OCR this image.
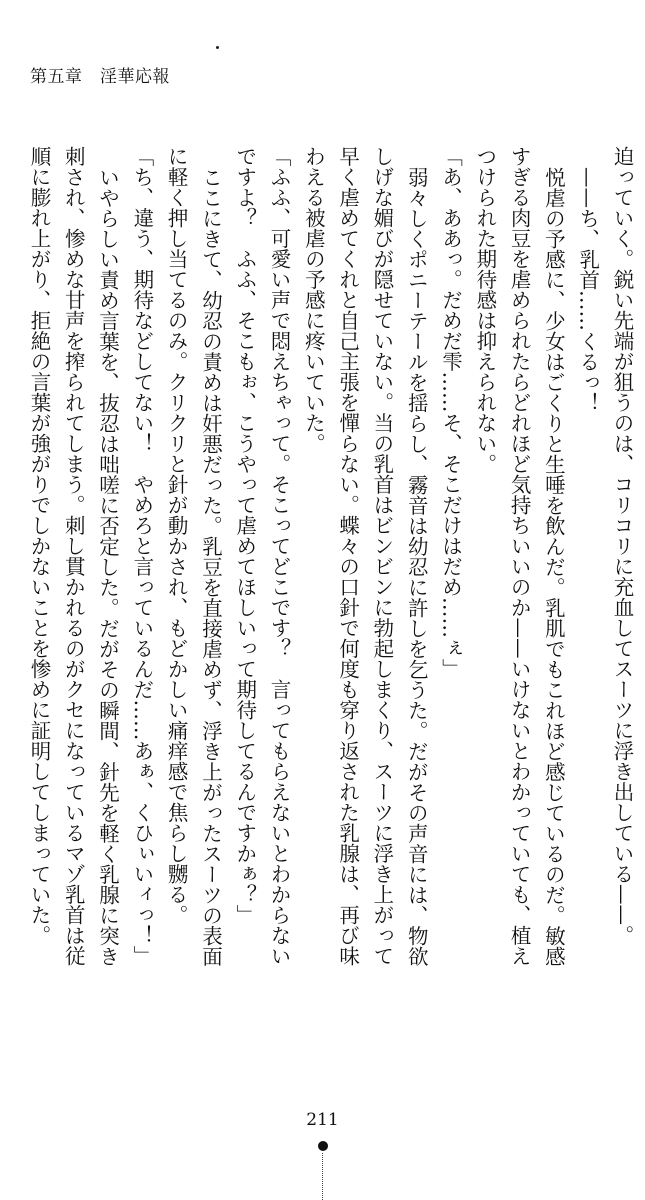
第五章　淫華応報
迫っていく。鋭い先端が狙うのは、コリコリに充血してスーツに浮き出している——。
——ち、乳首……くるっ！
悦虐の予感に、少女はごくりと生唾を飲んだ。乳肌でもこれほど感じているのだ。敏感
すぎる肉豆を虐められたらどれほど気持ちいいのか——いけないとわかっていても、植え
つけられた期待感は抑えられない。
「あ、ああっ。だめだ雫……そ、そこだけはだめ……ぇ」
弱々しくポニーテールを揺らし、霧音は幼忍に許しを乞うた。だがその声音には、物欲
しげな媚びが隠せていない。当の乳首はビンビンに勃起しまくり、スーツに浮き上がって
早く虐めてくれと自己主張を憚らない。蝶々の口針で何度も穿り返された乳腺は、再び味
わえる被虐の予感に疼いていた。
「ふふ、可愛い声で悶えちゃって。そこってどこです？　言ってもらえないとわからない
ですよ？　ふふ、そこもぉ、こうやって虐めてほしいって期待してるんですかぁ？」
ここにきて、幼忍の責めは奸悪だった。乳豆を直接虐めず、浮き上がったスーツの表面
に軽く押し当てるのみ。クリクリと針が動かされ、もどかしい痛痒感で焦らし嬲る。
「ち、違う、期待などしてない！　やめろと言っているんだ……あぁ、くひぃいィっ！」
いやらしい責め言葉を、抜忍は咄嗟に否定した。だがその瞬間、針先を軽く乳腺に突き
刺され、惨めな甘声を搾られてしまう。刺し貫かれるのがクセになっているマゾ乳首は従
順に膨れ上がり、拒絶の言葉が強がりでしかないことを惨めに証明してしまっていた。
211
